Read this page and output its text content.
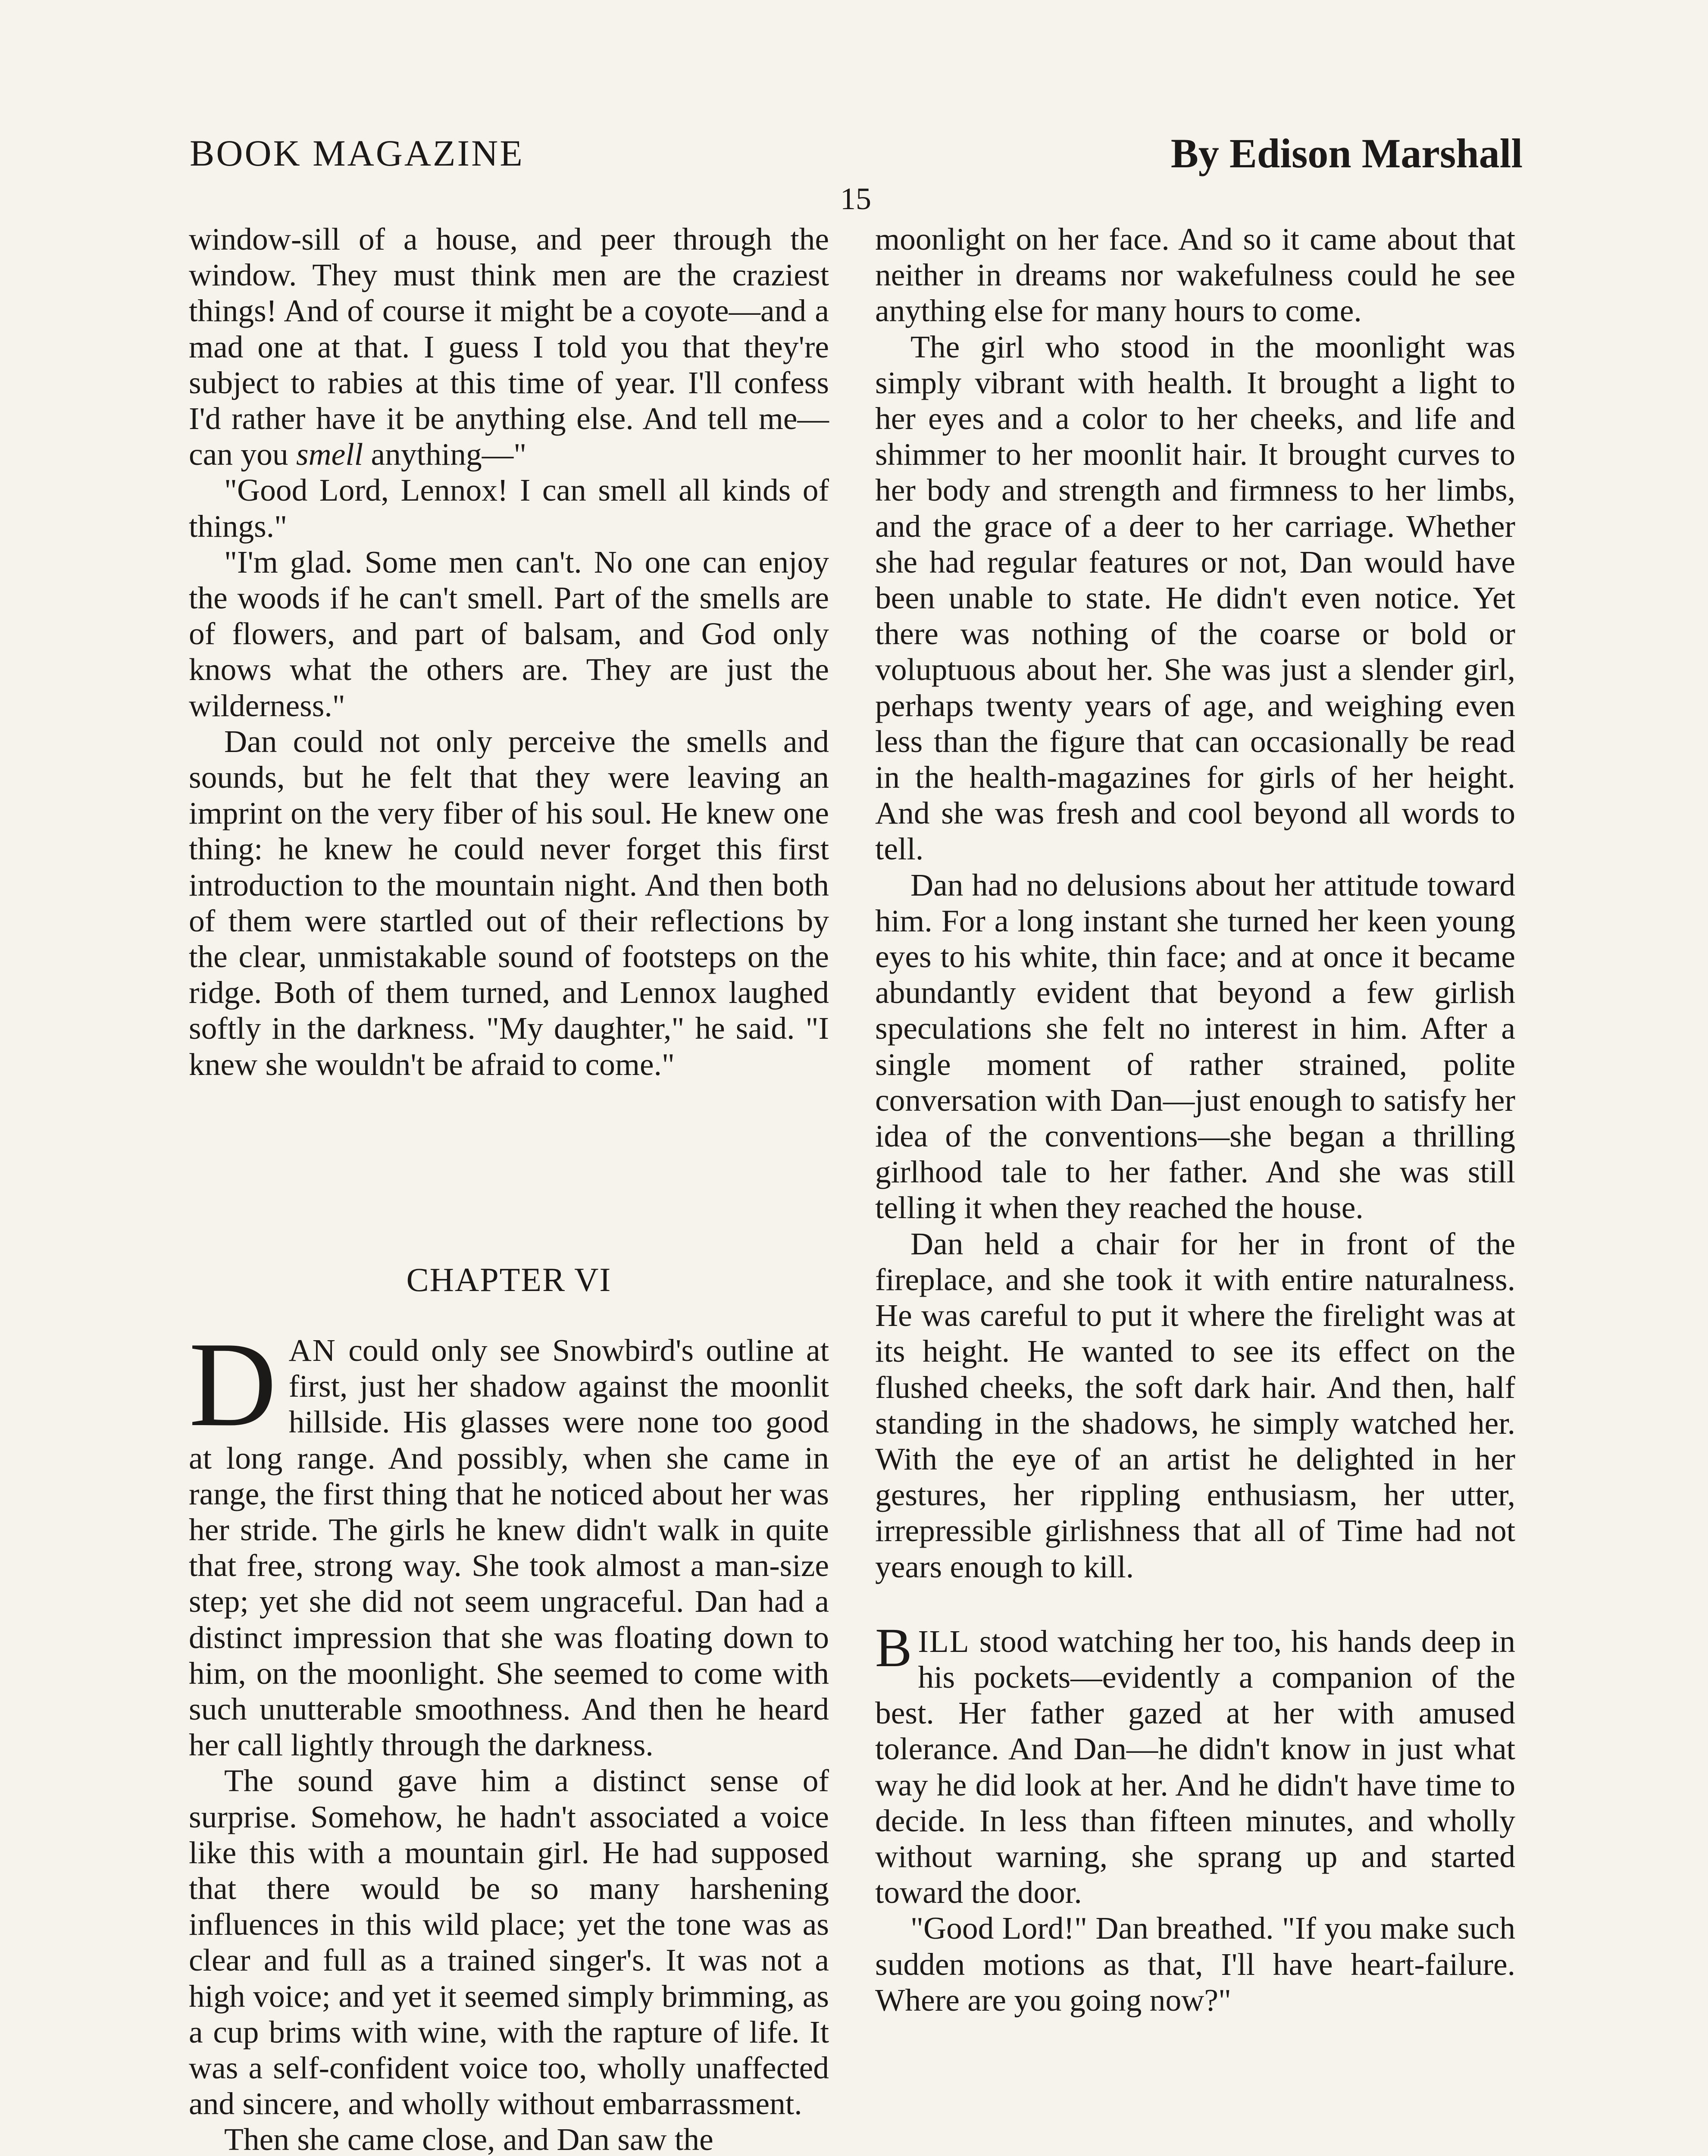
BOOK MAGAZINE	By Edison Marshall
15

window-sill of a house, and peer through the window. They must think men are the craziest things! And of course it might be a coyote—and a mad one at that. I guess I told you that they're subject to rabies at this time of year. I'll confess I'd rather have it be anything else. And tell me—can you smell anything—"

"Good Lord, Lennox! I can smell all kinds of things."

"I'm glad. Some men can't. No one can enjoy the woods if he can't smell. Part of the smells are of flowers, and part of balsam, and God only knows what the others are. They are just the wilderness."

Dan could not only perceive the smells and sounds, but he felt that they were leaving an imprint on the very fiber of his soul. He knew one thing: he knew he could never forget this first introduction to the mountain night. And then both of them were startled out of their reflections by the clear, unmistakable sound of footsteps on the ridge. Both of them turned, and Lennox laughed softly in the darkness. "My daughter," he said. "I knew she wouldn't be afraid to come."

CHAPTER VI

DAN could only see Snowbird's outline at first, just her shadow against the moonlit hillside. His glasses were none too good at long range. And possibly, when she came in range, the first thing that he noticed about her was her stride. The girls he knew didn't walk in quite that free, strong way. She took almost a man-size step; yet she did not seem ungraceful. Dan had a distinct impression that she was floating down to him, on the moonlight. She seemed to come with such unutterable smoothness. And then he heard her call lightly through the darkness.

The sound gave him a distinct sense of surprise. Somehow, he hadn't associated a voice like this with a mountain girl. He had supposed that there would be so many harshening influences in this wild place; yet the tone was as clear and full as a trained singer's. It was not a high voice; and yet it seemed simply brimming, as a cup brims with wine, with the rapture of life. It was a self-confident voice too, wholly unaffected and sincere, and wholly without embarrassment.

Then she came close, and Dan saw the

moonlight on her face. And so it came about that neither in dreams nor wakefulness could he see anything else for many hours to come.

The girl who stood in the moonlight was simply vibrant with health. It brought a light to her eyes and a color to her cheeks, and life and shimmer to her moonlit hair. It brought curves to her body and strength and firmness to her limbs, and the grace of a deer to her carriage. Whether she had regular features or not, Dan would have been unable to state. He didn't even notice. Yet there was nothing of the coarse or bold or voluptuous about her. She was just a slender girl, perhaps twenty years of age, and weighing even less than the figure that can occasionally be read in the health-magazines for girls of her height. And she was fresh and cool beyond all words to tell.

Dan had no delusions about her attitude toward him. For a long instant she turned her keen young eyes to his white, thin face; and at once it became abundantly evident that beyond a few girlish speculations she felt no interest in him. After a single moment of rather strained, polite conversation with Dan—just enough to satisfy her idea of the conventions—she began a thrilling girlhood tale to her father. And she was still telling it when they reached the house.

Dan held a chair for her in front of the fireplace, and she took it with entire naturalness. He was careful to put it where the firelight was at its height. He wanted to see its effect on the flushed cheeks, the soft dark hair. And then, half standing in the shadows, he simply watched her. With the eye of an artist he delighted in her gestures, her rippling enthusiasm, her utter, irrepressible girlishness that all of Time had not years enough to kill.

BILL stood watching her too, his hands deep in his pockets—evidently a companion of the best. Her father gazed at her with amused tolerance. And Dan—he didn't know in just what way he did look at her. And he didn't have time to decide. In less than fifteen minutes, and wholly without warning, she sprang up and started toward the door.

"Good Lord!" Dan breathed. "If you make such sudden motions as that, I'll have heart-failure. Where are you going now?"
